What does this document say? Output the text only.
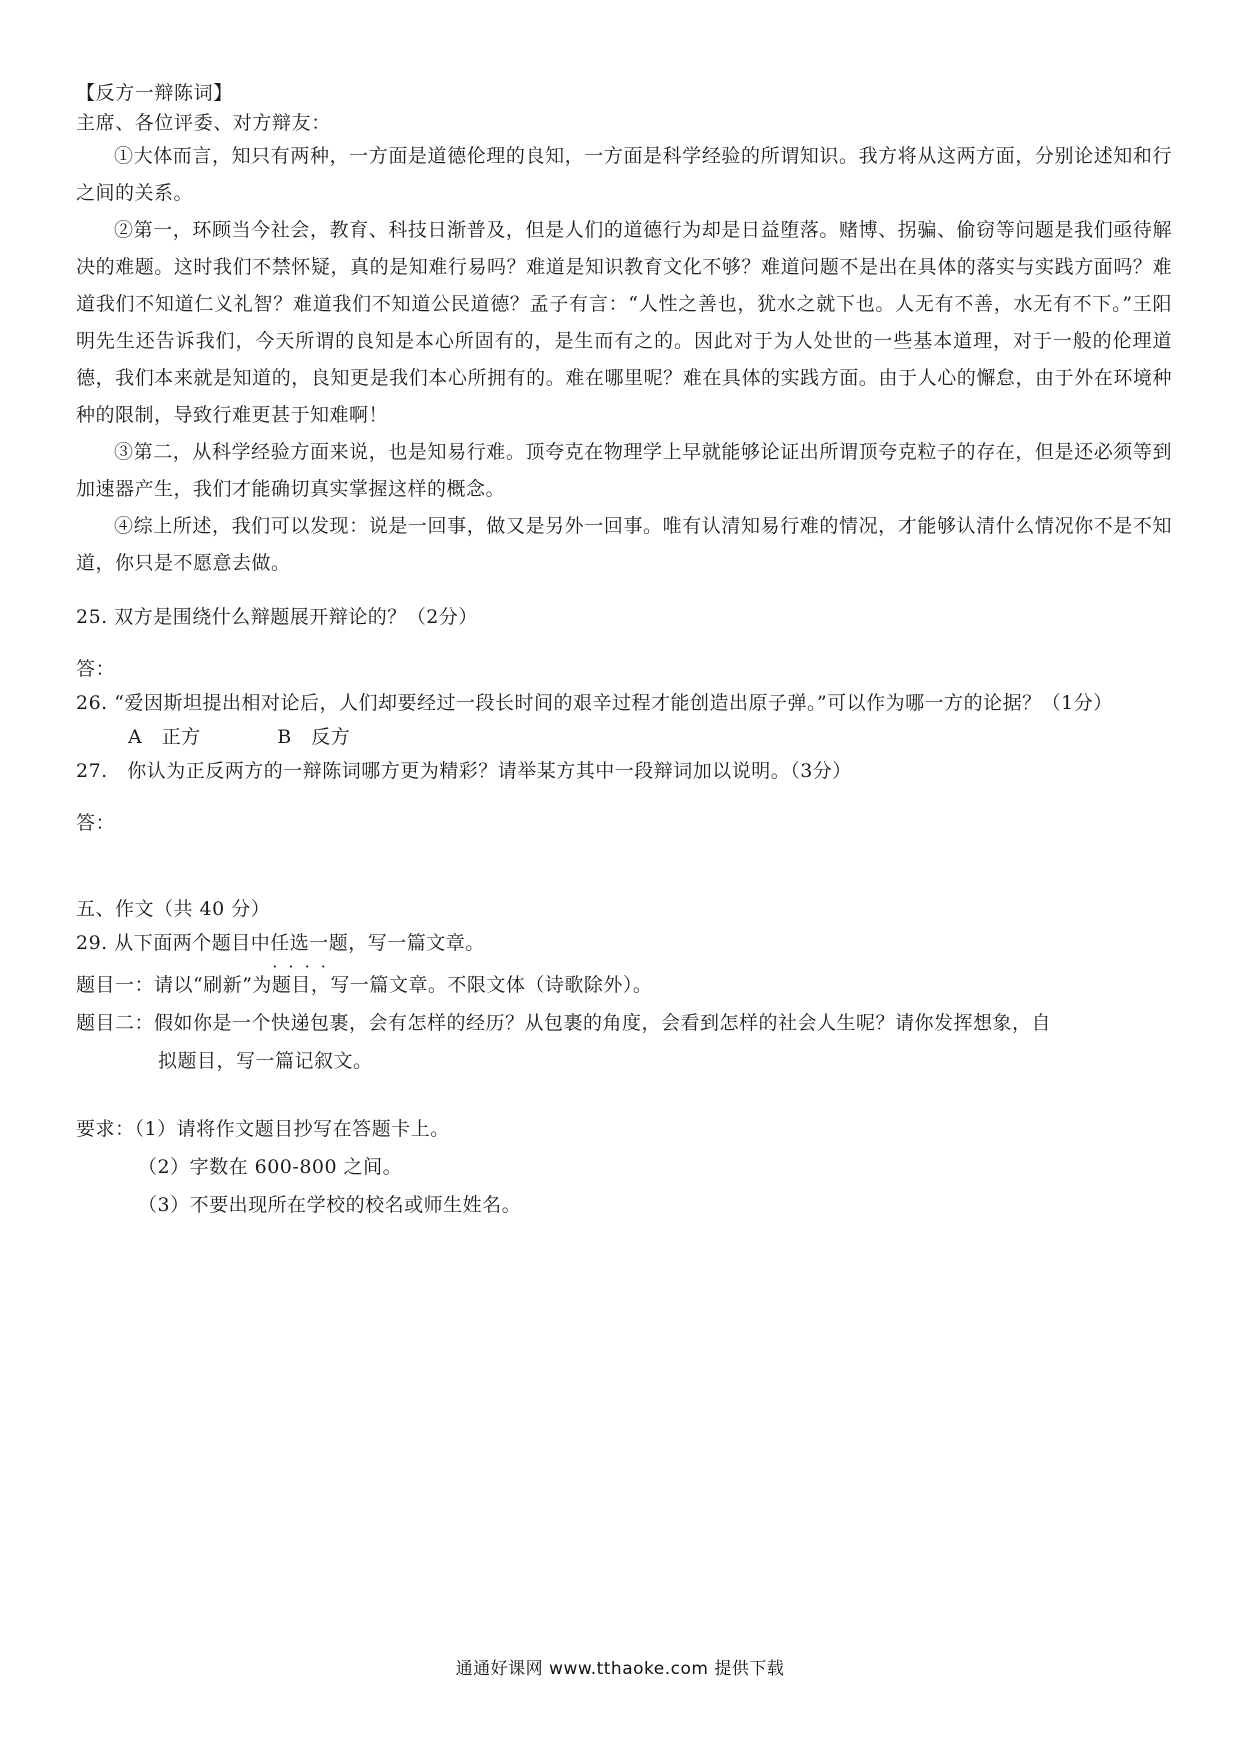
【反方一辩陈词】

主席、各位评委、对方辩友：

①大体而言，知只有两种，一方面是道德伦理的良知，一方面是科学经验的所谓知识。我方将从这两方面，分别论述知和行之间的关系。

②第一，环顾当今社会，教育、科技日渐普及，但是人们的道德行为却是日益堕落。赌博、拐骗、偷窃等问题是我们亟待解决的难题。这时我们不禁怀疑，真的是知难行易吗？难道是知识教育文化不够？难道问题不是出在具体的落实与实践方面吗？难道我们不知道仁义礼智？难道我们不知道公民道德？孟子有言：“人性之善也，犹水之就下也。人无有不善，水无有不下。”王阳明先生还告诉我们，今天所谓的良知是本心所固有的，是生而有之的。因此对于为人处世的一些基本道理，对于一般的伦理道德，我们本来就是知道的，良知更是我们本心所拥有的。难在哪里呢？难在具体的实践方面。由于人心的懈怠，由于外在环境种种的限制，导致行难更甚于知难啊！

③第二，从科学经验方面来说，也是知易行难。顶夸克在物理学上早就能够论证出所谓顶夸克粒子的存在，但是还必须等到加速器产生，我们才能确切真实掌握这样的概念。

④综上所述，我们可以发现：说是一回事，做又是另外一回事。唯有认清知易行难的情况，才能够认清什么情况你不是不知道，你只是不愿意去做。

25. 双方是围绕什么辩题展开辩论的？（2分）

答：

26. “爱因斯坦提出相对论后，人们却要经过一段长时间的艰辛过程才能创造出原子弹。”可以作为哪一方的论据？（1分）

A　正方	B　反方

27.　你认为正反两方的一辩陈词哪方更为精彩？请举某方其中一段辩词加以说明。（3分）

答：

五、作文（共 40 分）

29. 从下面两个题目中任选一题 · · · ·，写一篇文章。

题目一：请以“刷新”为题目，写一篇文章。不限文体（诗歌除外）。

题目二：假如你是一个快递包裹，会有怎样的经历？从包裹的角度，会看到怎样的社会人生呢？请你发挥想象，自

拟题目，写一篇记叙文。

要求：（1）请将作文题目抄写在答题卡上。

（2）字数在 600-800 之间。

（3）不要出现所在学校的校名或师生姓名。

通通好课网 www.tthaoke.com 提供下载
